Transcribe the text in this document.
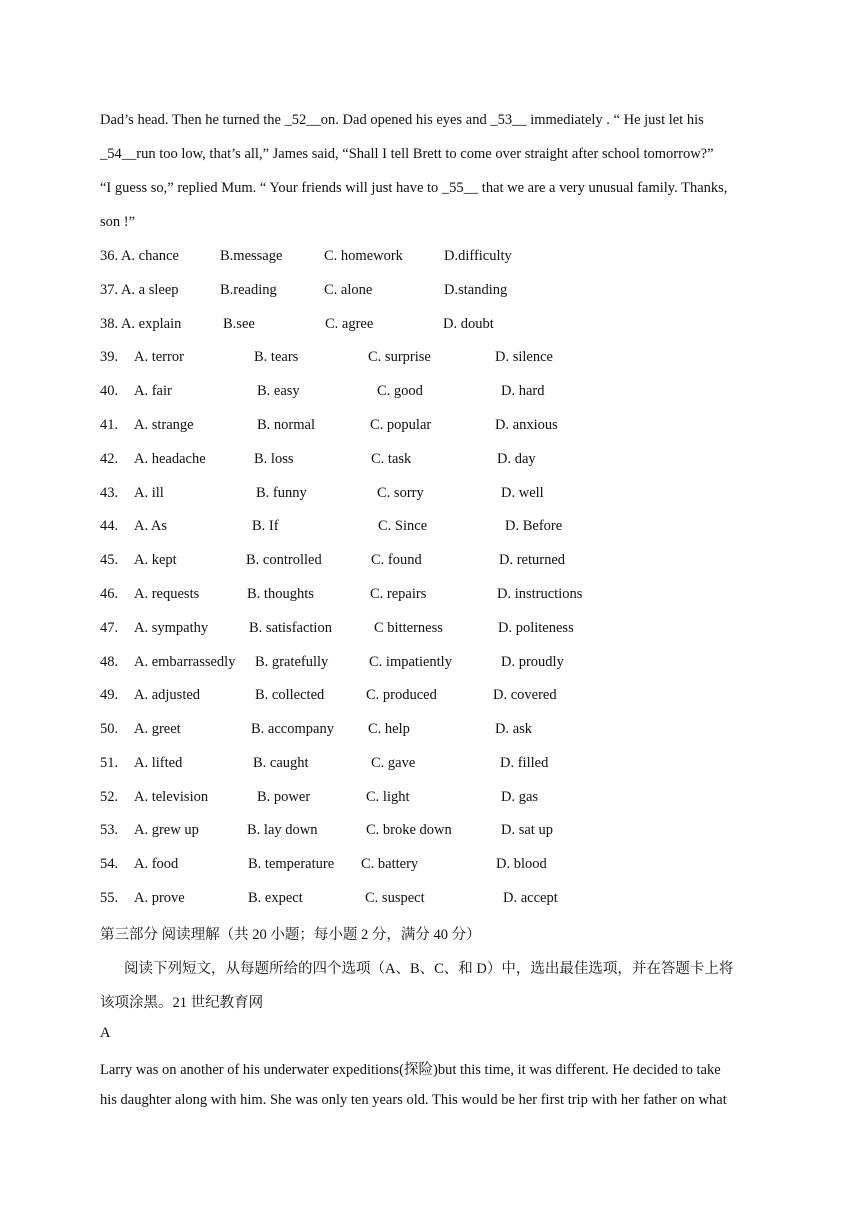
Dad’s head. Then he turned the _52__on. Dad opened his eyes and _53__ immediately . “ He just let his
_54__run too low, that’s all,” James said, “Shall I tell Brett to come over straight after school tomorrow?”
“I guess so,” replied Mum. “ Your friends will just have to _55__ that we are a very unusual family. Thanks,
son !”
36. A. chance	B.message	C. homework	D.difficulty
37. A. a sleep	B.reading	C. alone	D.standing
38. A. explain	B.see	C. agree	D. doubt
39. A. terror	B. tears	C. surprise	D. silence
40. A. fair	B. easy	C. good	D. hard
41. A. strange	B. normal	C. popular	D. anxious
42. A. headache	B. loss	C. task	D. day
43. A. ill	B. funny	C. sorry	D. well
44. A. As	B. If	C. Since	D. Before
45. A. kept	B. controlled	C. found	D. returned
46. A. requests	B. thoughts	C. repairs	D. instructions
47. A. sympathy	B. satisfaction	C bitterness	D. politeness
48. A. embarrassedly B. gratefully	C. impatiently	D. proudly
49. A. adjusted	B. collected	C. produced	D. covered
50. A. greet	B. accompany C. help	D. ask
51. A. lifted	B. caught	C. gave	D. filled
52. A. television	B. power	C. light	D. gas
53. A. grew up	B. lay down	C. broke down	D. sat up
54. A. food	B. temperature C. battery	D. blood
55. A. prove	B. expect	C. suspect	D. accept
第三部分 阅读理解（共 20 小题；每小题 2 分，满分 40 分）
阅读下列短文，从每题所给的四个选项（A、B、C、和 D）中，选出最佳选项，并在答题卡上将
该项涂黑。21 世纪教育网
A
Larry was on another of his underwater expeditions(探险)but this time, it was different. He decided to take
his daughter along with him. She was only ten years old. This would be her first trip with her father on what
